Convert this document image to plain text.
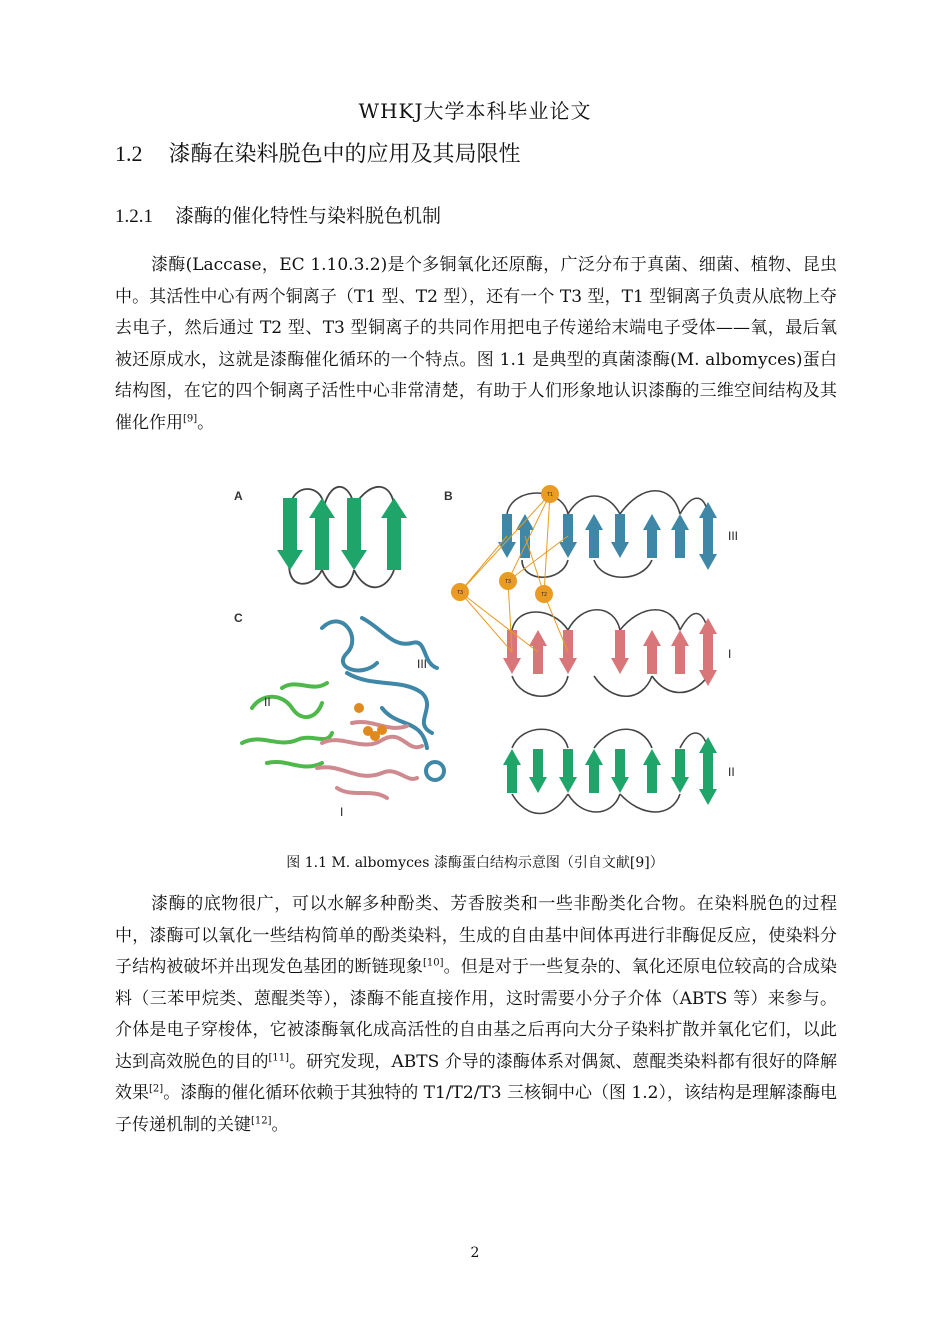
WHKJ大学本科毕业论文
1.2 漆酶在染料脱色中的应用及其局限性
1.2.1 漆酶的催化特性与染料脱色机制

漆酶(Laccase，EC 1.10.3.2)是个多铜氧化还原酶，广泛分布于真菌、细菌、植物、昆虫中。其活性中心有两个铜离子（T1 型、T2 型），还有一个 T3 型，T1 型铜离子负责从底物上夺去电子，然后通过 T2 型、T3 型铜离子的共同作用把电子传递给末端电子受体——氧，最后氧被还原成水，这就是漆酶催化循环的一个特点。图 1.1 是典型的真菌漆酶(M. albomyces)蛋白结构图，在它的四个铜离子活性中心非常清楚，有助于人们形象地认识漆酶的三维空间结构及其催化作用[9]。

A	B
III
I
II
T1
T3
T3	T2
C
III
II
I
图 1.1 M. albomyces 漆酶蛋白结构示意图（引自文献[9]）

漆酶的底物很广，可以水解多种酚类、芳香胺类和一些非酚类化合物。在染料脱色的过程中，漆酶可以氧化一些结构简单的酚类染料，生成的自由基中间体再进行非酶促反应，使染料分子结构被破坏并出现发色基团的断链现象[10]。但是对于一些复杂的、氧化还原电位较高的合成染料（三苯甲烷类、蒽醌类等），漆酶不能直接作用，这时需要小分子介体（ABTS 等）来参与。介体是电子穿梭体，它被漆酶氧化成高活性的自由基之后再向大分子染料扩散并氧化它们，以此达到高效脱色的目的[11]。研究发现，ABTS 介导的漆酶体系对偶氮、蒽醌类染料都有很好的降解效果[2]。漆酶的催化循环依赖于其独特的 T1/T2/T3 三核铜中心（图 1.2），该结构是理解漆酶电子传递机制的关键[12]。

2
